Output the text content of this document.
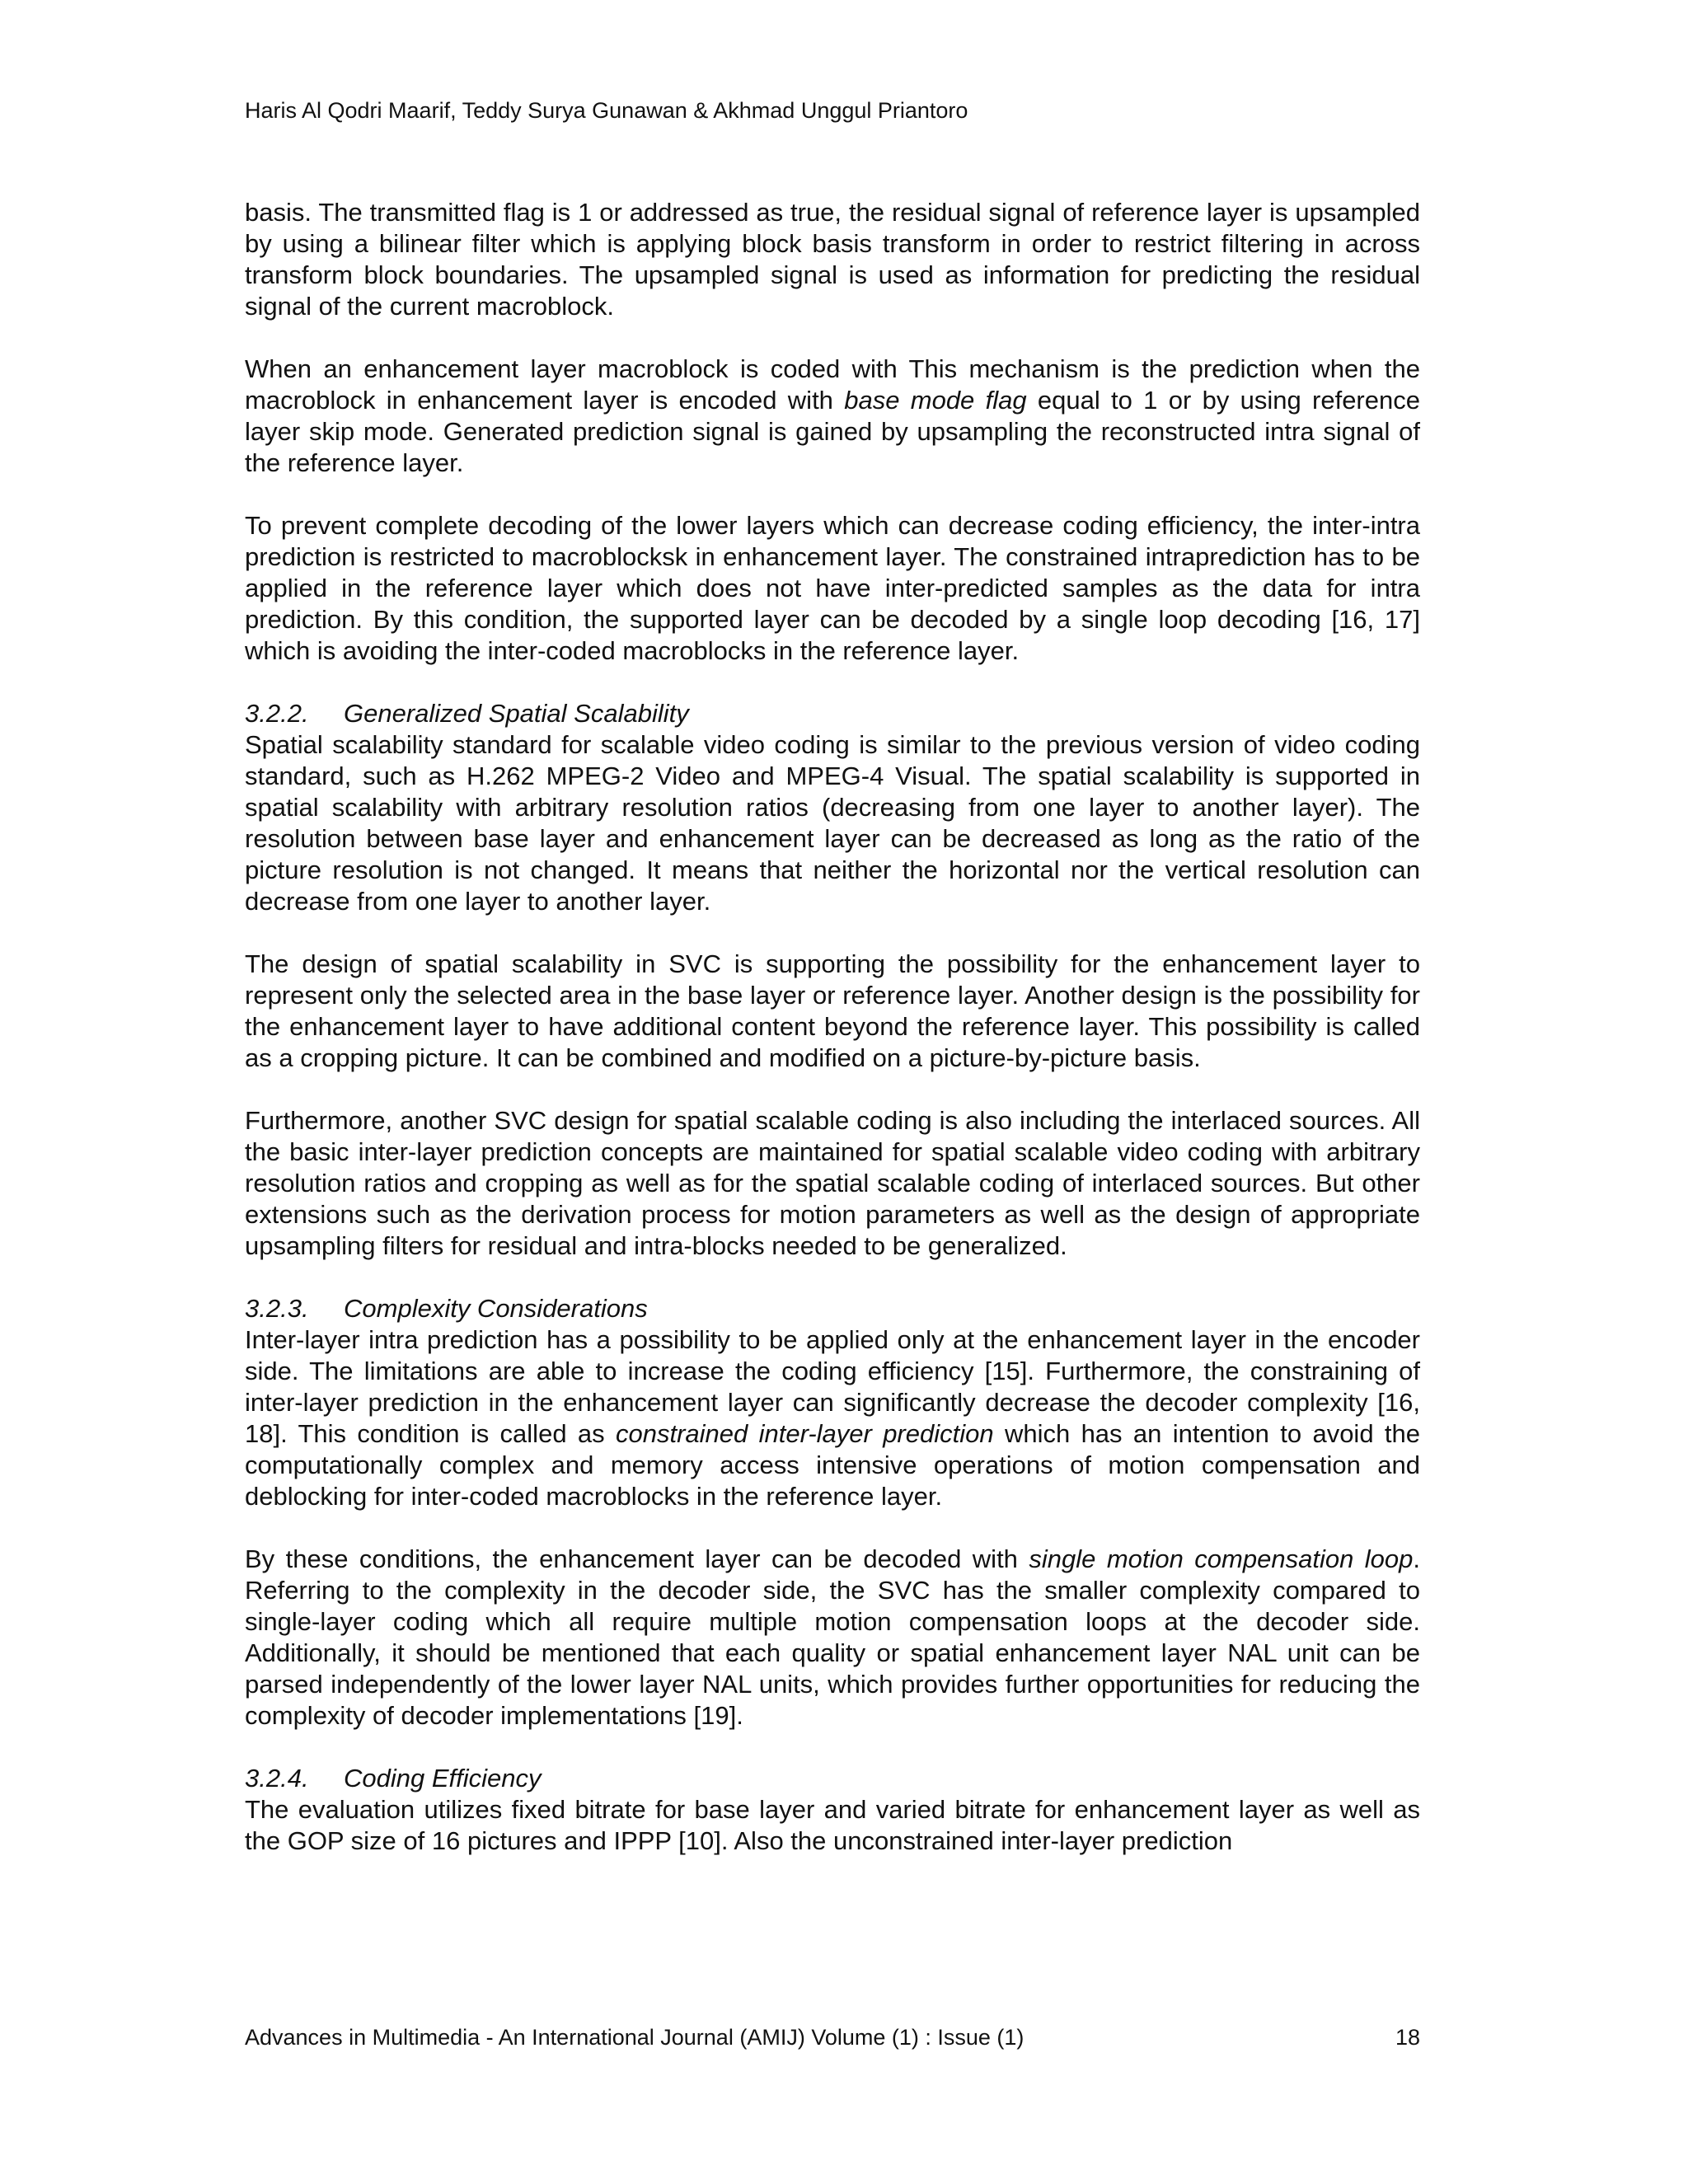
Haris Al Qodri Maarif, Teddy Surya Gunawan & Akhmad Unggul Priantoro

basis. The transmitted flag is 1 or addressed as true, the residual signal of reference layer is upsampled by using a bilinear filter which is applying block basis transform in order to restrict filtering in across transform block boundaries. The upsampled signal is used as information for predicting the residual signal of the current macroblock.

When an enhancement layer macroblock is coded with This mechanism is the prediction when the macroblock in enhancement layer is encoded with base mode flag equal to 1 or by using reference layer skip mode. Generated prediction signal is gained by upsampling the reconstructed intra signal of the reference layer.

To prevent complete decoding of the lower layers which can decrease coding efficiency, the inter-intra prediction is restricted to macroblocksk in enhancement layer. The constrained intraprediction has to be applied in the reference layer which does not have inter-predicted samples as the data for intra prediction. By this condition, the supported layer can be decoded by a single loop decoding [16, 17] which is avoiding the inter-coded macroblocks in the reference layer.

3.2.2. Generalized Spatial Scalability

Spatial scalability standard for scalable video coding is similar to the previous version of video coding standard, such as H.262 MPEG-2 Video and MPEG-4 Visual. The spatial scalability is supported in spatial scalability with arbitrary resolution ratios (decreasing from one layer to another layer). The resolution between base layer and enhancement layer can be decreased as long as the ratio of the picture resolution is not changed. It means that neither the horizontal nor the vertical resolution can decrease from one layer to another layer.

The design of spatial scalability in SVC is supporting the possibility for the enhancement layer to represent only the selected area in the base layer or reference layer. Another design is the possibility for the enhancement layer to have additional content beyond the reference layer. This possibility is called as a cropping picture. It can be combined and modified on a picture-by-picture basis.

Furthermore, another SVC design for spatial scalable coding is also including the interlaced sources. All the basic inter-layer prediction concepts are maintained for spatial scalable video coding with arbitrary resolution ratios and cropping as well as for the spatial scalable coding of interlaced sources. But other extensions such as the derivation process for motion parameters as well as the design of appropriate upsampling filters for residual and intra-blocks needed to be generalized.

3.2.3. Complexity Considerations

Inter-layer intra prediction has a possibility to be applied only at the enhancement layer in the encoder side. The limitations are able to increase the coding efficiency [15]. Furthermore, the constraining of inter-layer prediction in the enhancement layer can significantly decrease the decoder complexity [16, 18]. This condition is called as constrained inter-layer prediction which has an intention to avoid the computationally complex and memory access intensive operations of motion compensation and deblocking for inter-coded macroblocks in the reference layer.

By these conditions, the enhancement layer can be decoded with single motion compensation loop. Referring to the complexity in the decoder side, the SVC has the smaller complexity compared to single-layer coding which all require multiple motion compensation loops at the decoder side. Additionally, it should be mentioned that each quality or spatial enhancement layer NAL unit can be parsed independently of the lower layer NAL units, which provides further opportunities for reducing the complexity of decoder implementations [19].

3.2.4. Coding Efficiency

The evaluation utilizes fixed bitrate for base layer and varied bitrate for enhancement layer as well as the GOP size of 16 pictures and IPPP [10]. Also the unconstrained inter-layer prediction

Advances in Multimedia - An International Journal (AMIJ) Volume (1) : Issue (1)	18
